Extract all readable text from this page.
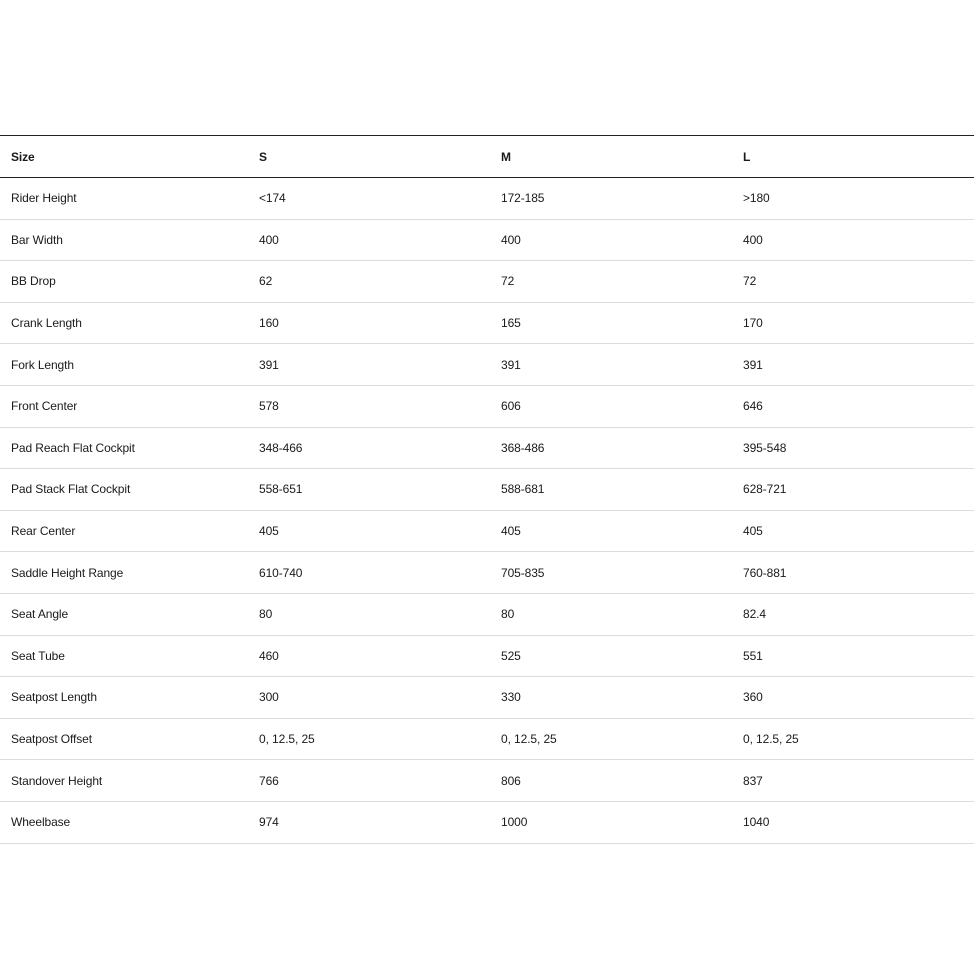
Size	S	M	L
Rider Height	<174	172-185	>180
Bar Width	400	400	400
BB Drop	62	72	72
Crank Length	160	165	170
Fork Length	391	391	391
Front Center	578	606	646
Pad Reach Flat Cockpit	348-466	368-486	395-548
Pad Stack Flat Cockpit	558-651	588-681	628-721
Rear Center	405	405	405
Saddle Height Range	610-740	705-835	760-881
Seat Angle	80	80	82.4
Seat Tube	460	525	551
Seatpost Length	300	330	360
Seatpost Offset	0, 12.5, 25	0, 12.5, 25	0, 12.5, 25
Standover Height	766	806	837
Wheelbase	974	1000	1040
